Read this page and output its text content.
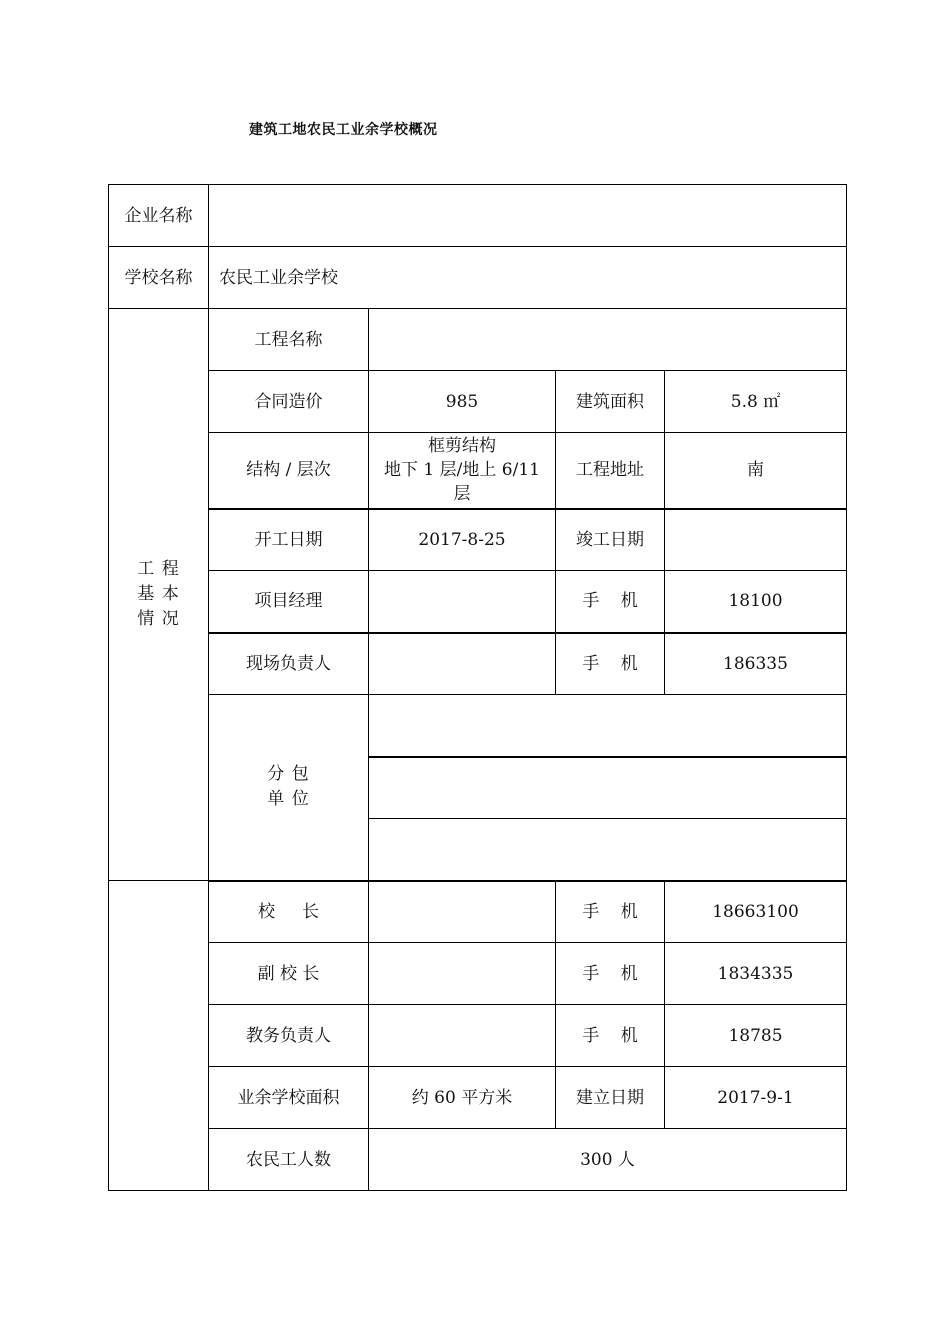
建筑工地农民工业余学校概况
企业名称				
学校名称	农民工业余学校			
工 程
基 本
情 况	工程名称			
	合同造价	985	建筑面积	5.8 ㎡
	结构 / 层次	框剪结构
地下 1 层/地上 6/11
层	工程地址	南
	开工日期	2017-8-25	竣工日期	
	项目经理		手    机	18100
	现场负责人		手    机	186335
	分 包
单 位			

	校     长		手    机	18663100
	副 校 长		手    机	1834335
	教务负责人		手    机	18785
	业余学校面积	约 60 平方米	建立日期	2017-9-1
	农民工人数	300 人		
